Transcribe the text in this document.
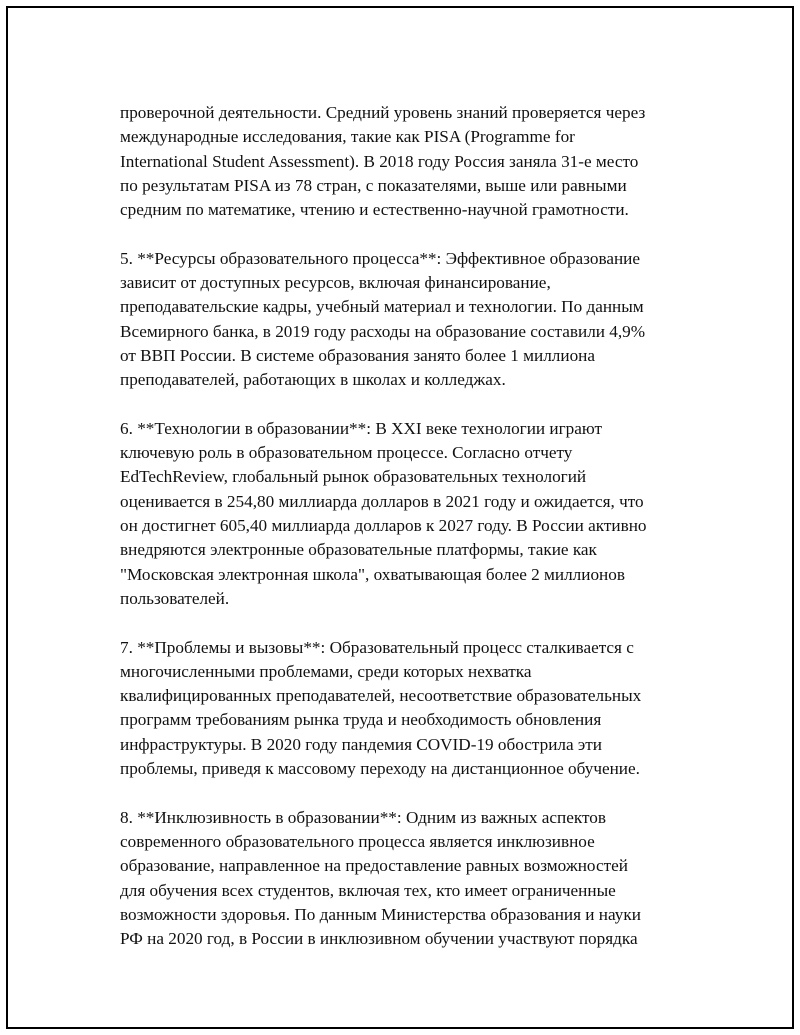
проверочной деятельности. Средний уровень знаний проверяется через
международные исследования, такие как PISA (Programme for
International Student Assessment). В 2018 году Россия заняла 31-е место
по результатам PISA из 78 стран, с показателями, выше или равными
средним по математике, чтению и естественно-научной грамотности.

5. **Ресурсы образовательного процесса**: Эффективное образование
зависит от доступных ресурсов, включая финансирование,
преподавательские кадры, учебный материал и технологии. По данным
Всемирного банка, в 2019 году расходы на образование составили 4,9%
от ВВП России. В системе образования занято более 1 миллиона
преподавателей, работающих в школах и колледжах.

6. **Технологии в образовании**: В XXI веке технологии играют
ключевую роль в образовательном процессе. Согласно отчету
EdTechReview, глобальный рынок образовательных технологий
оценивается в 254,80 миллиарда долларов в 2021 году и ожидается, что
он достигнет 605,40 миллиарда долларов к 2027 году. В России активно
внедряются электронные образовательные платформы, такие как
"Московская электронная школа", охватывающая более 2 миллионов
пользователей.

7. **Проблемы и вызовы**: Образовательный процесс сталкивается с
многочисленными проблемами, среди которых нехватка
квалифицированных преподавателей, несоответствие образовательных
программ требованиям рынка труда и необходимость обновления
инфраструктуры. В 2020 году пандемия COVID-19 обострила эти
проблемы, приведя к массовому переходу на дистанционное обучение.

8. **Инклюзивность в образовании**: Одним из важных аспектов
современного образовательного процесса является инклюзивное
образование, направленное на предоставление равных возможностей
для обучения всех студентов, включая тех, кто имеет ограниченные
возможности здоровья. По данным Министерства образования и науки
РФ на 2020 год, в России в инклюзивном обучении участвуют порядка
